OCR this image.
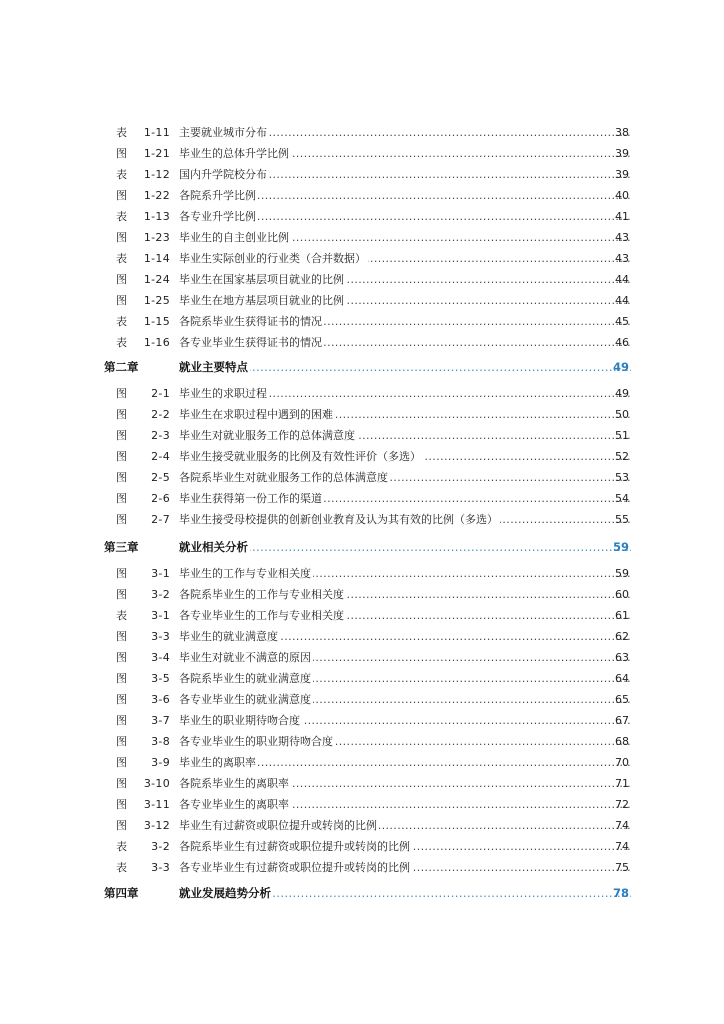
表 1-11 主要就业城市分布 .....	38
图 1-21 毕业生的总体升学比例 .....	39
表 1-12 国内升学院校分布 .....	39
图 1-22 各院系升学比例 .....	40
表 1-13 各专业升学比例 .....	41
图 1-23 毕业生的自主创业比例 .....	43
表 1-14 毕业生实际创业的行业类（合并数据） .....	43
图 1-24 毕业生在国家基层项目就业的比例 .....	44
图 1-25 毕业生在地方基层项目就业的比例 .....	44
表 1-15 各院系毕业生获得证书的情况 .....	45
表 1-16 各专业毕业生获得证书的情况 .....	46
第二章	就业主要特点 .....	49
图 2-1 毕业生的求职过程 .....	49
图 2-2 毕业生在求职过程中遇到的困难 .....	50
图 2-3 毕业生对就业服务工作的总体满意度 .....	51
图 2-4 毕业生接受就业服务的比例及有效性评价（多选） .....	52
图 2-5 各院系毕业生对就业服务工作的总体满意度 .....	53
图 2-6 毕业生获得第一份工作的渠道 .....	54
图 2-7 毕业生接受母校提供的创新创业教育及认为其有效的比例（多选） .....	55
第三章	就业相关分析 .....	59
图 3-1 毕业生的工作与专业相关度 .....	59
图 3-2 各院系毕业生的工作与专业相关度 .....	60
表 3-1 各专业毕业生的工作与专业相关度 .....	61
图 3-3 毕业生的就业满意度 .....	62
图 3-4 毕业生对就业不满意的原因 .....	63
图 3-5 各院系毕业生的就业满意度 .....	64
图 3-6 各专业毕业生的就业满意度 .....	65
图 3-7 毕业生的职业期待吻合度 .....	67
图 3-8 各专业毕业生的职业期待吻合度 .....	68
图 3-9 毕业生的离职率 .....	70
图 3-10 各院系毕业生的离职率 .....	71
图 3-11 各专业毕业生的离职率 .....	72
图 3-12 毕业生有过薪资或职位提升或转岗的比例 .....	74
表 3-2 各院系毕业生有过薪资或职位提升或转岗的比例 .....	74
表 3-3 各专业毕业生有过薪资或职位提升或转岗的比例 .....	75
第四章	就业发展趋势分析 .....	78
